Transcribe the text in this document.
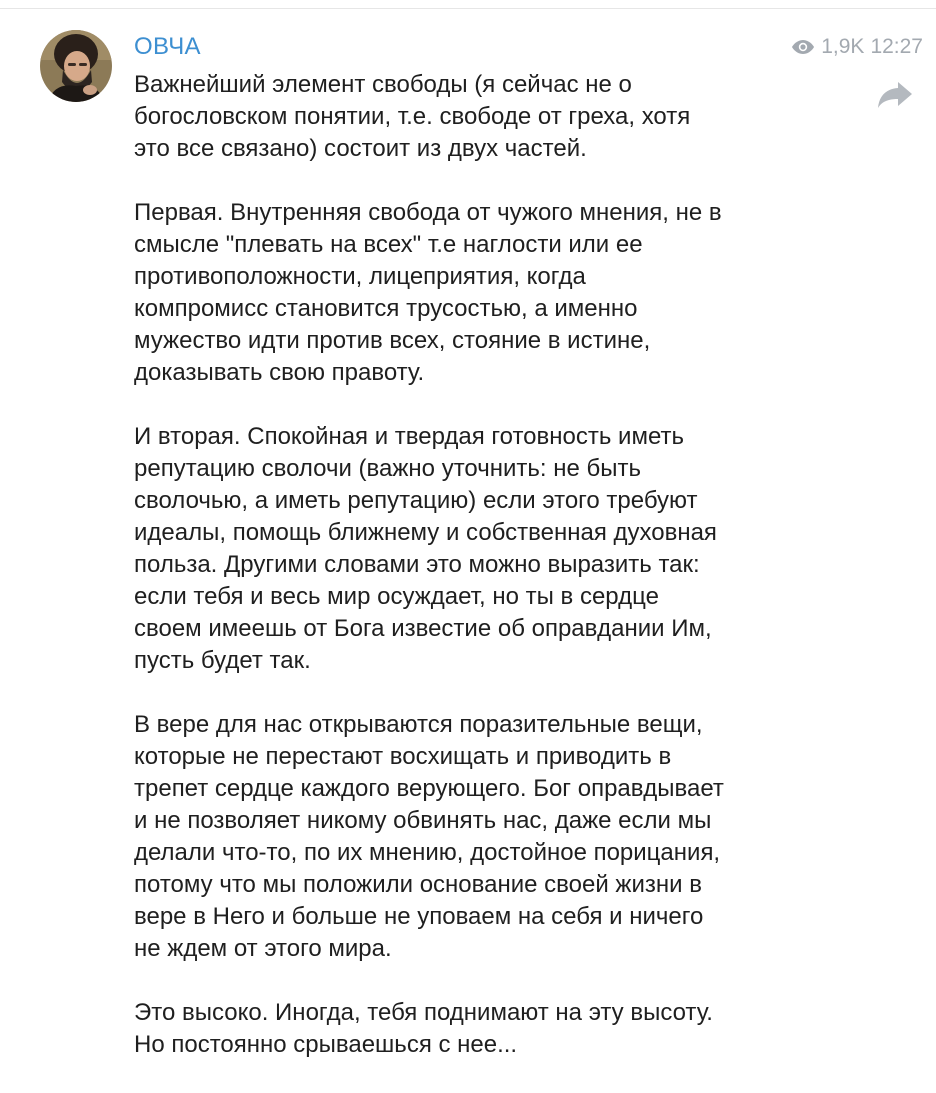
ОВЧА	1,9K 12:27
Важнейший элемент свободы (я сейчас не о
богословском понятии, т.е. свободе от греха, хотя
это все связано) состоит из двух частей.
Первая. Внутренняя свобода от чужого мнения, не в
смысле "плевать на всех" т.е наглости или ее
противоположности, лицеприятия, когда
компромисс становится трусостью, а именно
мужество идти против всех, стояние в истине,
доказывать свою правоту.
И вторая. Спокойная и твердая готовность иметь
репутацию сволочи (важно уточнить: не быть
сволочью, а иметь репутацию) если этого требуют
идеалы, помощь ближнему и собственная духовная
польза. Другими словами это можно выразить так:
если тебя и весь мир осуждает, но ты в сердце
своем имеешь от Бога известие об оправдании Им,
пусть будет так.
В вере для нас открываются поразительные вещи,
которые не перестают восхищать и приводить в
трепет сердце каждого верующего. Бог оправдывает
и не позволяет никому обвинять нас, даже если мы
делали что-то, по их мнению, достойное порицания,
потому что мы положили основание своей жизни в
вере в Него и больше не уповаем на себя и ничего
не ждем от этого мира.
Это высоко. Иногда, тебя поднимают на эту высоту.
Но постоянно срываешься с нее...
